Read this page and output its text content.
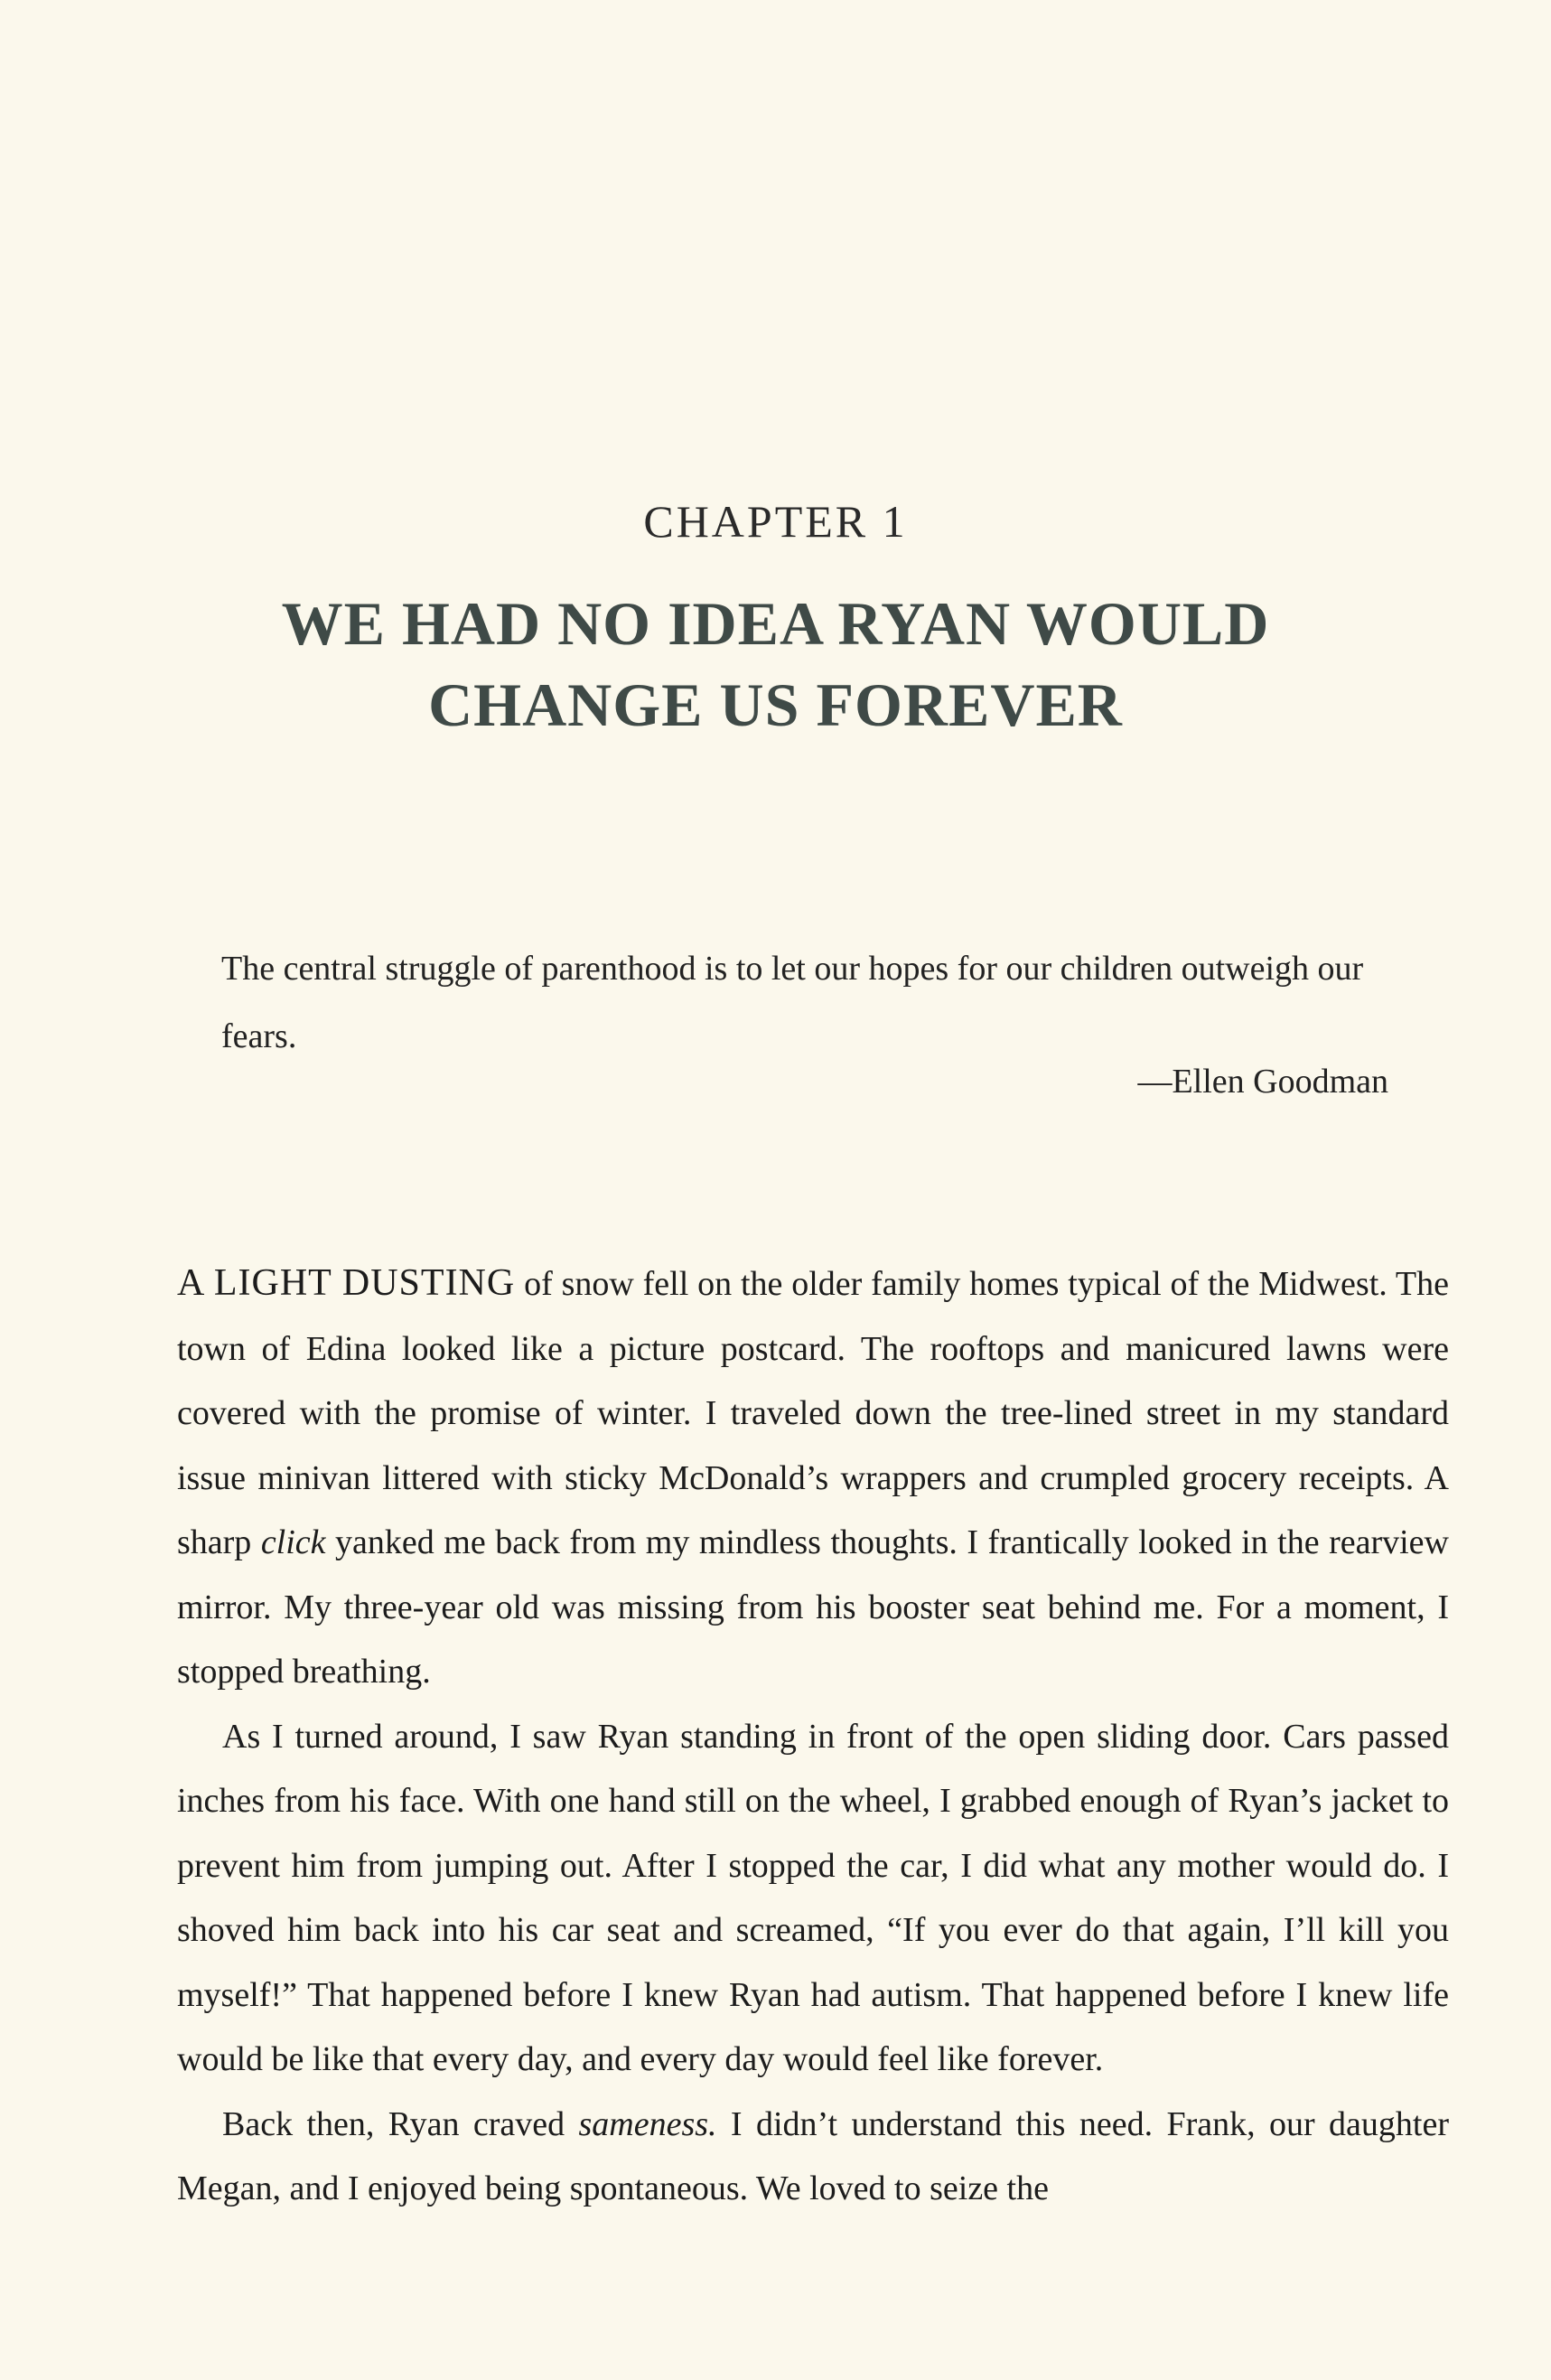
CHAPTER 1
WE HAD NO IDEA RYAN WOULD
CHANGE US FOREVER
The central struggle of parenthood is to let our hopes for our children outweigh our fears.
—Ellen Goodman

A LIGHT DUSTING of snow fell on the older family homes typical of the Midwest. The town of Edina looked like a picture postcard. The rooftops and manicured lawns were covered with the promise of winter. I traveled down the tree-lined street in my standard issue minivan littered with sticky McDonald’s wrappers and crumpled grocery receipts. A sharp click yanked me back from my mindless thoughts. I frantically looked in the rearview mirror. My three-year old was missing from his booster seat behind me. For a moment, I stopped breathing.

As I turned around, I saw Ryan standing in front of the open sliding door. Cars passed inches from his face. With one hand still on the wheel, I grabbed enough of Ryan’s jacket to prevent him from jumping out. After I stopped the car, I did what any mother would do. I shoved him back into his car seat and screamed, “If you ever do that again, I’ll kill you myself!” That happened before I knew Ryan had autism. That happened before I knew life would be like that every day, and every day would feel like forever.

Back then, Ryan craved sameness. I didn’t understand this need. Frank, our daughter Megan, and I enjoyed being spontaneous. We loved to seize the
